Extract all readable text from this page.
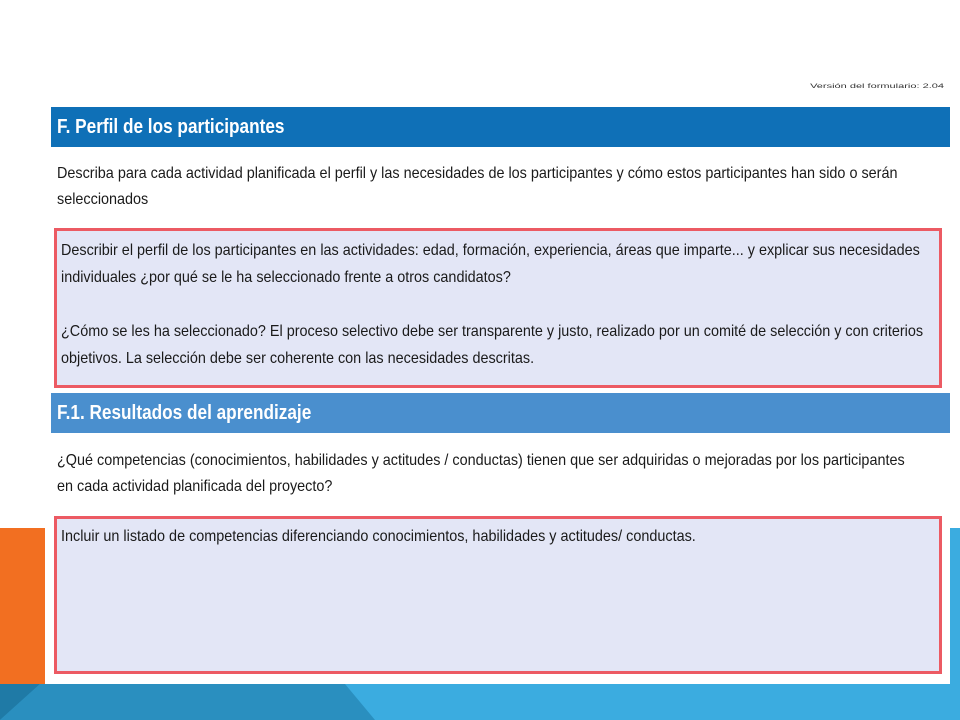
Versión del formulario: 2.04
F. Perfil de los participantes
Describa para cada actividad planificada el perfil y las necesidades de los participantes y cómo estos participantes han sido o serán
seleccionados
Describir el perfil de los participantes en las actividades: edad, formación, experiencia, áreas que imparte... y explicar sus necesidades
individuales ¿por qué se le ha seleccionado frente a otros candidatos?
¿Cómo se les ha seleccionado? El proceso selectivo debe ser transparente y justo, realizado por un comité de selección y con criterios
objetivos. La selección debe ser coherente con las necesidades descritas.
F.1. Resultados del aprendizaje
¿Qué competencias (conocimientos, habilidades y actitudes / conductas) tienen que ser adquiridas o mejoradas por los participantes
en cada actividad planificada del proyecto?
Incluir un listado de competencias diferenciando conocimientos, habilidades y actitudes/ conductas.
